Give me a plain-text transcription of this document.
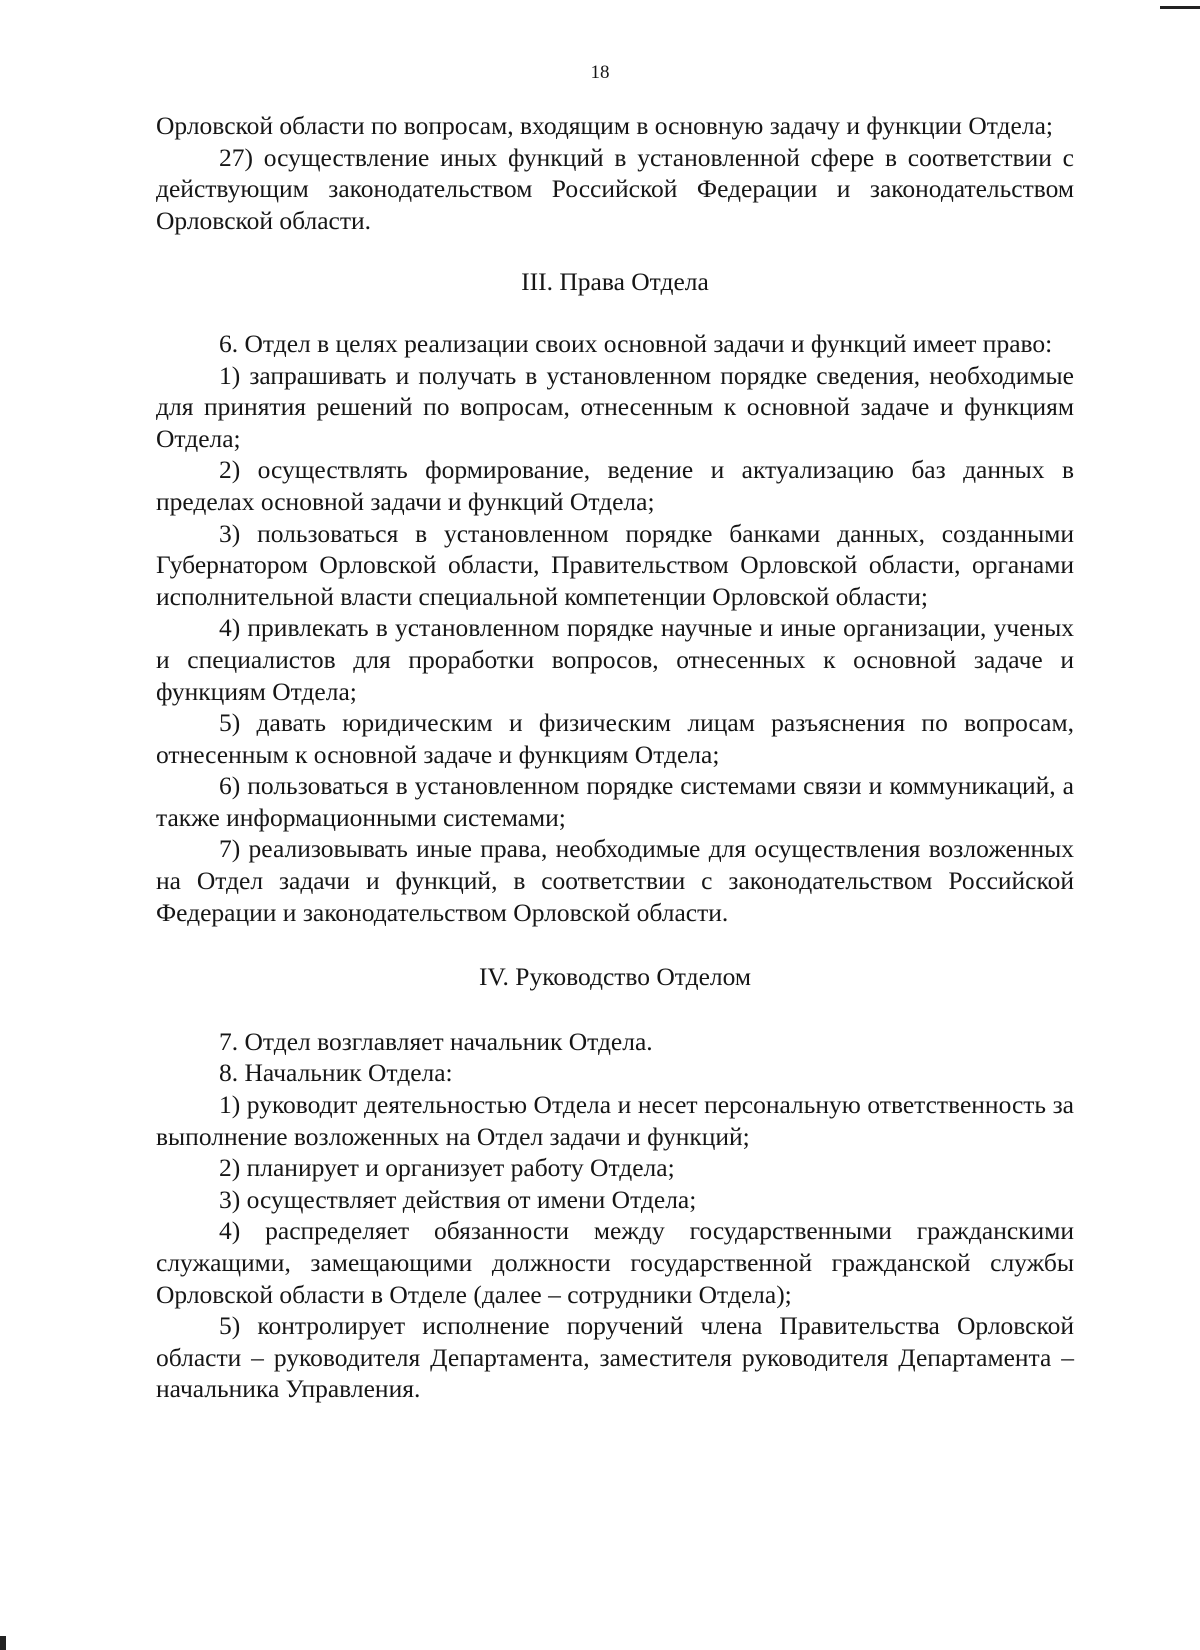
18

Орловской области по вопросам, входящим в основную задачу и функции Отдела;

27) осуществление иных функций в установленной сфере в соответствии с действующим законодательством Российской Федерации и законодательством Орловской области.

III. Права Отдела

6. Отдел в целях реализации своих основной задачи и функций имеет право:

1) запрашивать и получать в установленном порядке сведения, необходимые для принятия решений по вопросам, отнесенным к основной задаче и функциям Отдела;

2) осуществлять формирование, ведение и актуализацию баз данных в пределах основной задачи и функций Отдела;

3) пользоваться в установленном порядке банками данных, созданными Губернатором Орловской области, Правительством Орловской области, органами исполнительной власти специальной компетенции Орловской области;

4) привлекать в установленном порядке научные и иные организации, ученых и специалистов для проработки вопросов, отнесенных к основной задаче и функциям Отдела;

5) давать юридическим и физическим лицам разъяснения по вопросам, отнесенным к основной задаче и функциям Отдела;

6) пользоваться в установленном порядке системами связи и коммуникаций, а также информационными системами;

7) реализовывать иные права, необходимые для осуществления возложенных на Отдел задачи и функций, в соответствии с законодательством Российской Федерации и законодательством Орловской области.

IV. Руководство Отделом

7. Отдел возглавляет начальник Отдела.

8. Начальник Отдела:

1) руководит деятельностью Отдела и несет персональную ответственность за выполнение возложенных на Отдел задачи и функций;

2) планирует и организует работу Отдела;

3) осуществляет действия от имени Отдела;

4) распределяет обязанности между государственными гражданскими служащими, замещающими должности государственной гражданской службы Орловской области в Отделе (далее – сотрудники Отдела);

5) контролирует исполнение поручений члена Правительства Орловской области – руководителя Департамента, заместителя руководителя Департамента – начальника Управления.
